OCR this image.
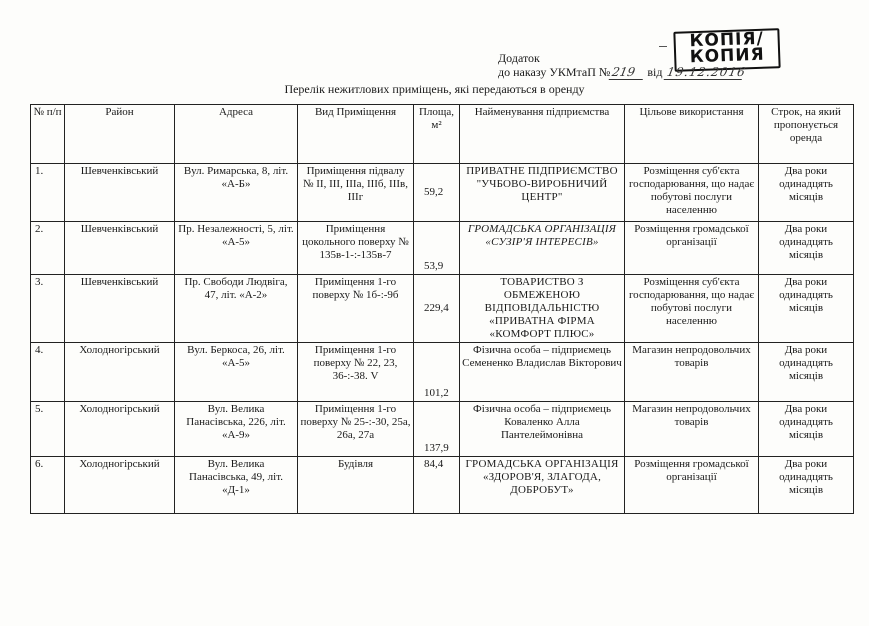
КОПІЯ/
КОПИЯ
Додаток
до наказу УКМтаП №219 від 19.12.2016
Перелік нежитлових приміщень, які передаються в оренду
№ п/п	Район	Адреса	Вид Приміщення	Площа, м²	Найменування підприємства	Цільове використання	Строк, на який пропонується оренда
1.	Шевченківський	Вул. Римарська, 8, літ. «А-Б»	Приміщення підвалу № ІІ, ІІІ, ІІІа, ІІІб, ІІІв, ІІІг	59,2	ПРИВАТНЕ ПІДПРИЄМСТВО "УЧБОВО-ВИРОБНИЧИЙ ЦЕНТР"	Розміщення суб'єкта господарювання, що надає побутові послуги населенню	Два роки одинадцять місяців
2.	Шевченківський	Пр. Незалежності, 5, літ. «А-5»	Приміщення цокольного поверху № 135в-1-:-135в-7	53,9	ГРОМАДСЬКА ОРГАНІЗАЦІЯ «СУЗІР'Я ІНТЕРЕСІВ»	Розміщення громадської організації	Два роки одинадцять місяців
3.	Шевченківський	Пр. Свободи Людвіга, 47, літ. «А-2»	Приміщення 1-го поверху № 1б-:-9б	229,4	ТОВАРИСТВО З ОБМЕЖЕНОЮ ВІДПОВІДАЛЬНІСТЮ «ПРИВАТНА ФІРМА «КОМФОРТ ПЛЮС»	Розміщення суб'єкта господарювання, що надає побутові послуги населенню	Два роки одинадцять місяців
4.	Холодногірський	Вул. Беркоса, 26, літ. «А-5»	Приміщення 1-го поверху № 22, 23, 36-:-38. V	101,2	Фізична особа – підприємець Семененко Владислав Вікторович	Магазин непродовольчих товарів	Два роки одинадцять місяців
5.	Холодногірський	Вул. Велика Панасівська, 226, літ. «А-9»	Приміщення 1-го поверху № 25-:-30, 25а, 26а, 27а	137,9	Фізична особа – підприємець Коваленко Алла Пантелеймонівна	Магазин непродовольчих товарів	Два роки одинадцять місяців
6.	Холодногірський	Вул. Велика Панасівська, 49, літ. «Д-1»	Будівля	84,4	ГРОМАДСЬКА ОРГАНІЗАЦІЯ «ЗДОРОВ'Я, ЗЛАГОДА, ДОБРОБУТ»	Розміщення громадської організації	Два роки одинадцять місяців
